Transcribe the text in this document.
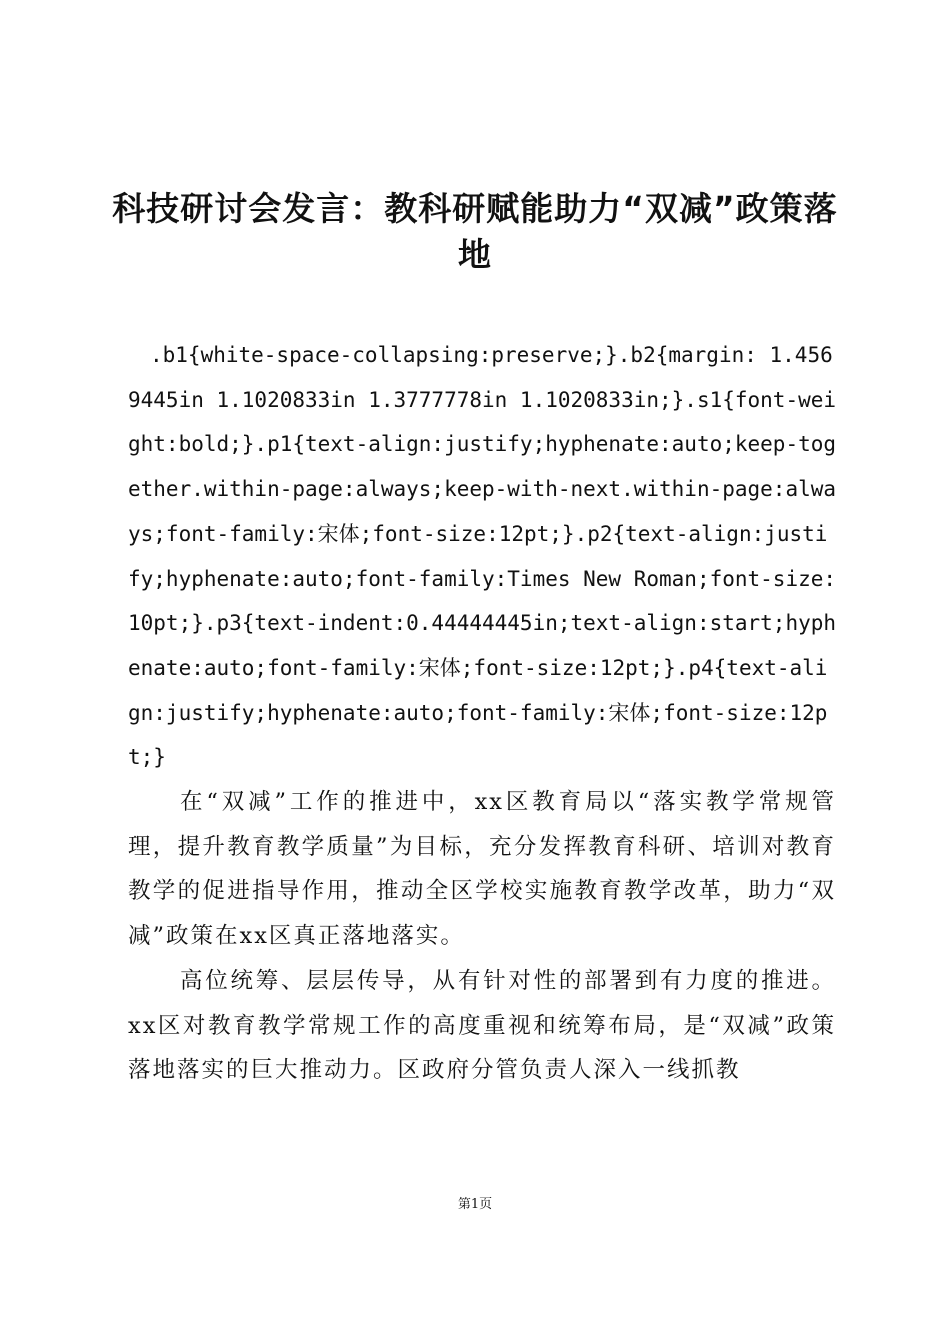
科技研讨会发言：教科研赋能助力“双减”政策落地

.b1{white-space-collapsing:preserve;}.b2{margin: 1.4569445in 1.1020833in 1.3777778in 1.1020833in;}.s1{font-weight:bold;}.p1{text-align:justify;hyphenate:auto;keep-together.within-page:always;keep-with-next.within-page:always;font-family:宋体;font-size:12pt;}.p2{text-align:justify;hyphenate:auto;font-family:Times New Roman;font-size:10pt;}.p3{text-indent:0.44444445in;text-align:start;hyphenate:auto;font-family:宋体;font-size:12pt;}.p4{text-align:justify;hyphenate:auto;font-family:宋体;font-size:12pt;}

在“双减”工作的推进中，xx区教育局以“落实教学常规管理，提升教育教学质量”为目标，充分发挥教育科研、培训对教育教学的促进指导作用，推动全区学校实施教育教学改革，助力“双减”政策在xx区真正落地落实。

高位统筹、层层传导，从有针对性的部署到有力度的推进。xx区对教育教学常规工作的高度重视和统筹布局，是“双减”政策落地落实的巨大推动力。区政府分管负责人深入一线抓教

第1页
